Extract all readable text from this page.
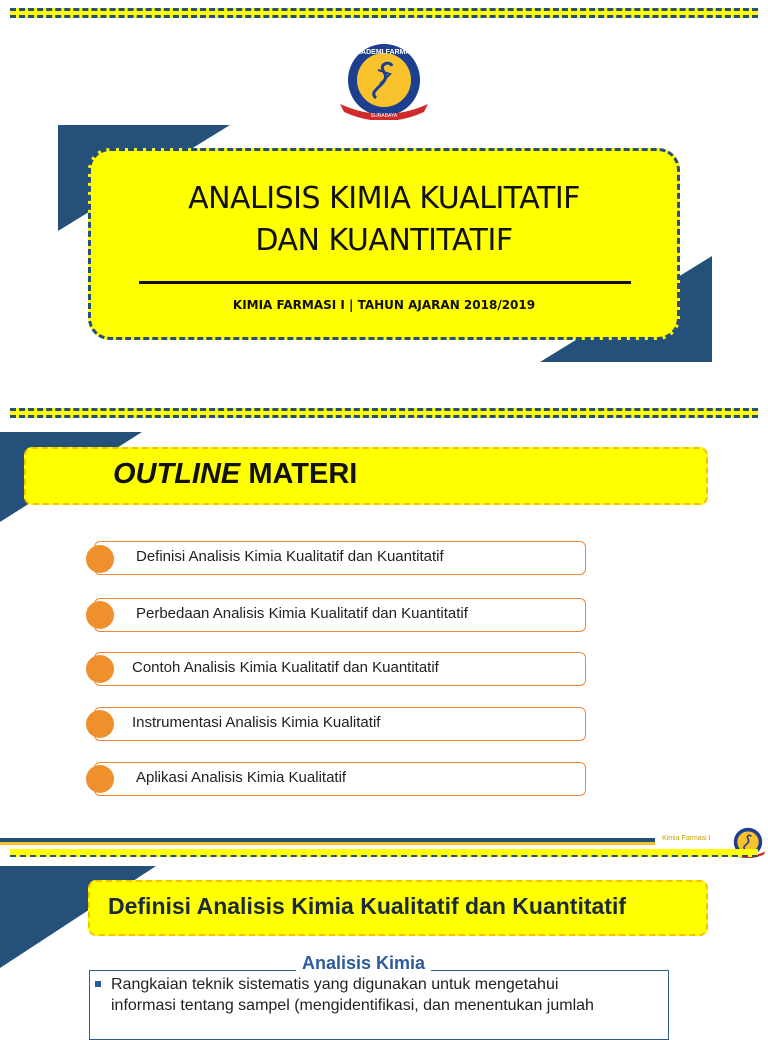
AKADEMI FARMASI
SURABAYA
ANALISIS KIMIA KUALITATIF
DAN KUANTITATIF
KIMIA FARMASI I | TAHUN AJARAN 2018/2019
OUTLINE MATERI
Definisi Analisis Kimia Kualitatif dan Kuantitatif
Perbedaan Analisis Kimia Kualitatif dan Kuantitatif
Contoh Analisis Kimia Kualitatif dan Kuantitatif
Instrumentasi Analisis Kimia Kualitatif
Aplikasi Analisis Kimia Kualitatif
Kimia Farmasi I
Definisi Analisis Kimia Kualitatif dan Kuantitatif
Analisis Kimia
Rangkaian teknik sistematis yang digunakan untuk mengetahui
informasi tentang sampel (mengidentifikasi, dan menentukan jumlah
